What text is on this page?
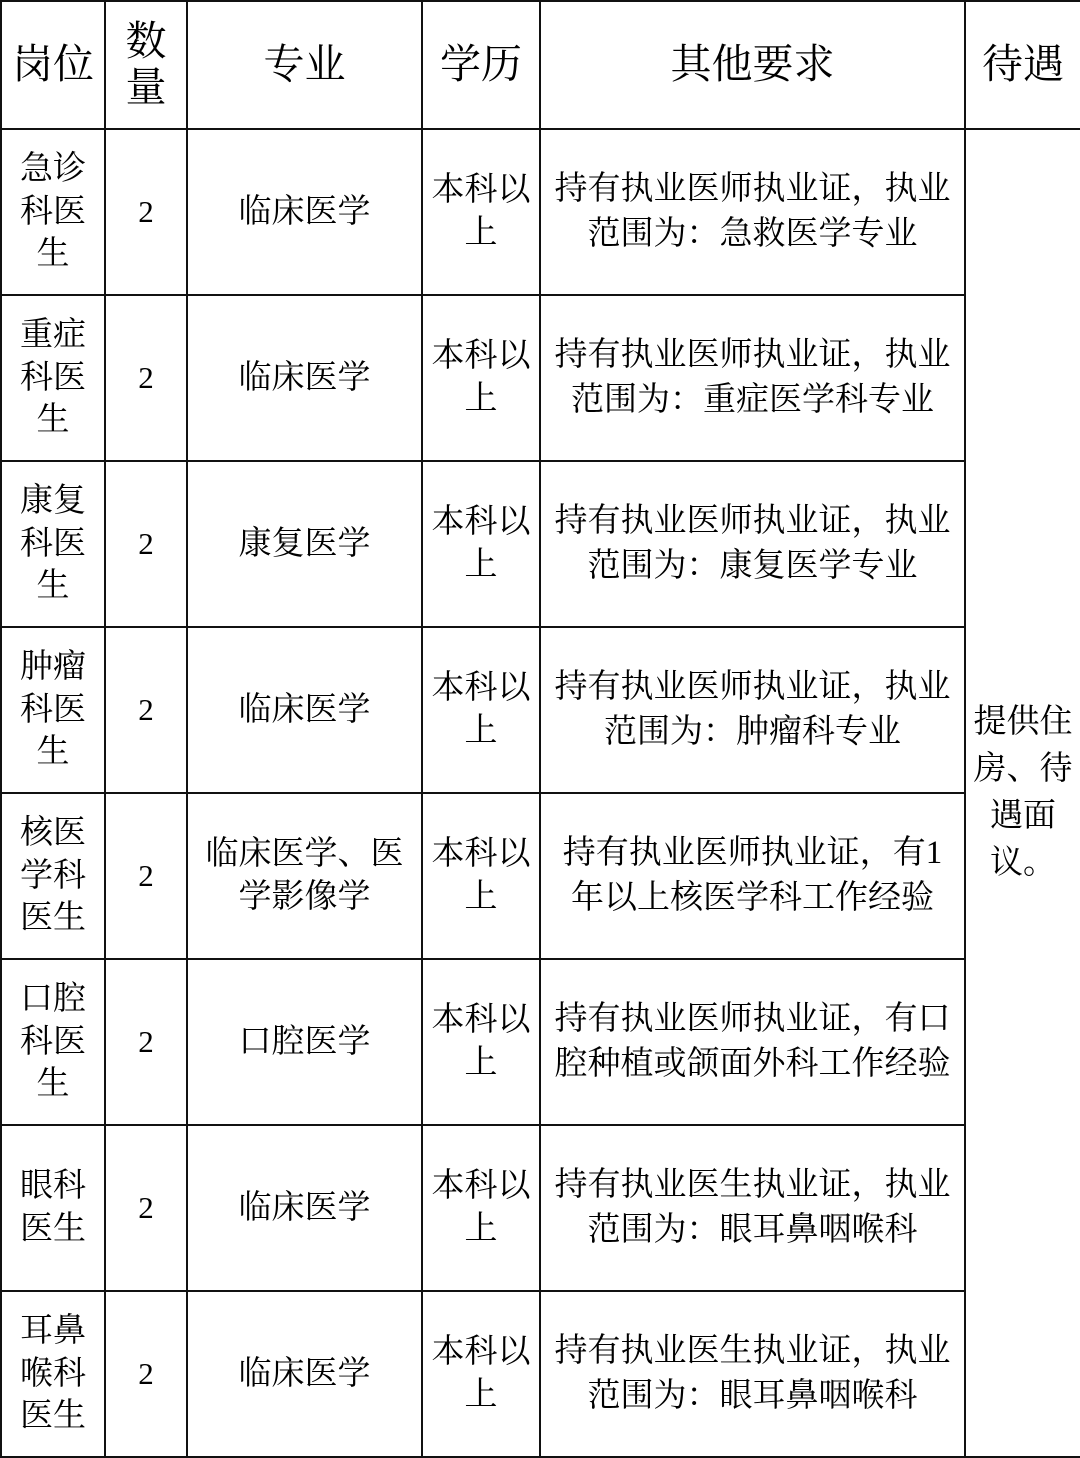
岗位	数量	专业	学历	其他要求	待遇
急诊科医生	2	临床医学	本科以上	持有执业医师执业证，执业范围为：急救医学专业	提供住房、待遇面议。
重症科医生	2	临床医学	本科以上	持有执业医师执业证，执业范围为：重症医学科专业	
康复科医生	2	康复医学	本科以上	持有执业医师执业证，执业范围为：康复医学专业	
肿瘤科医生	2	临床医学	本科以上	持有执业医师执业证，执业范围为：肿瘤科专业	
核医学科医生	2	临床医学、医学影像学	本科以上	持有执业医师执业证，有1年以上核医学科工作经验	
口腔科医生	2	口腔医学	本科以上	持有执业医师执业证，有口腔种植或颌面外科工作经验	
眼科医生	2	临床医学	本科以上	持有执业医生执业证，执业范围为：眼耳鼻咽喉科	
耳鼻喉科医生	2	临床医学	本科以上	持有执业医生执业证，执业范围为：眼耳鼻咽喉科	
